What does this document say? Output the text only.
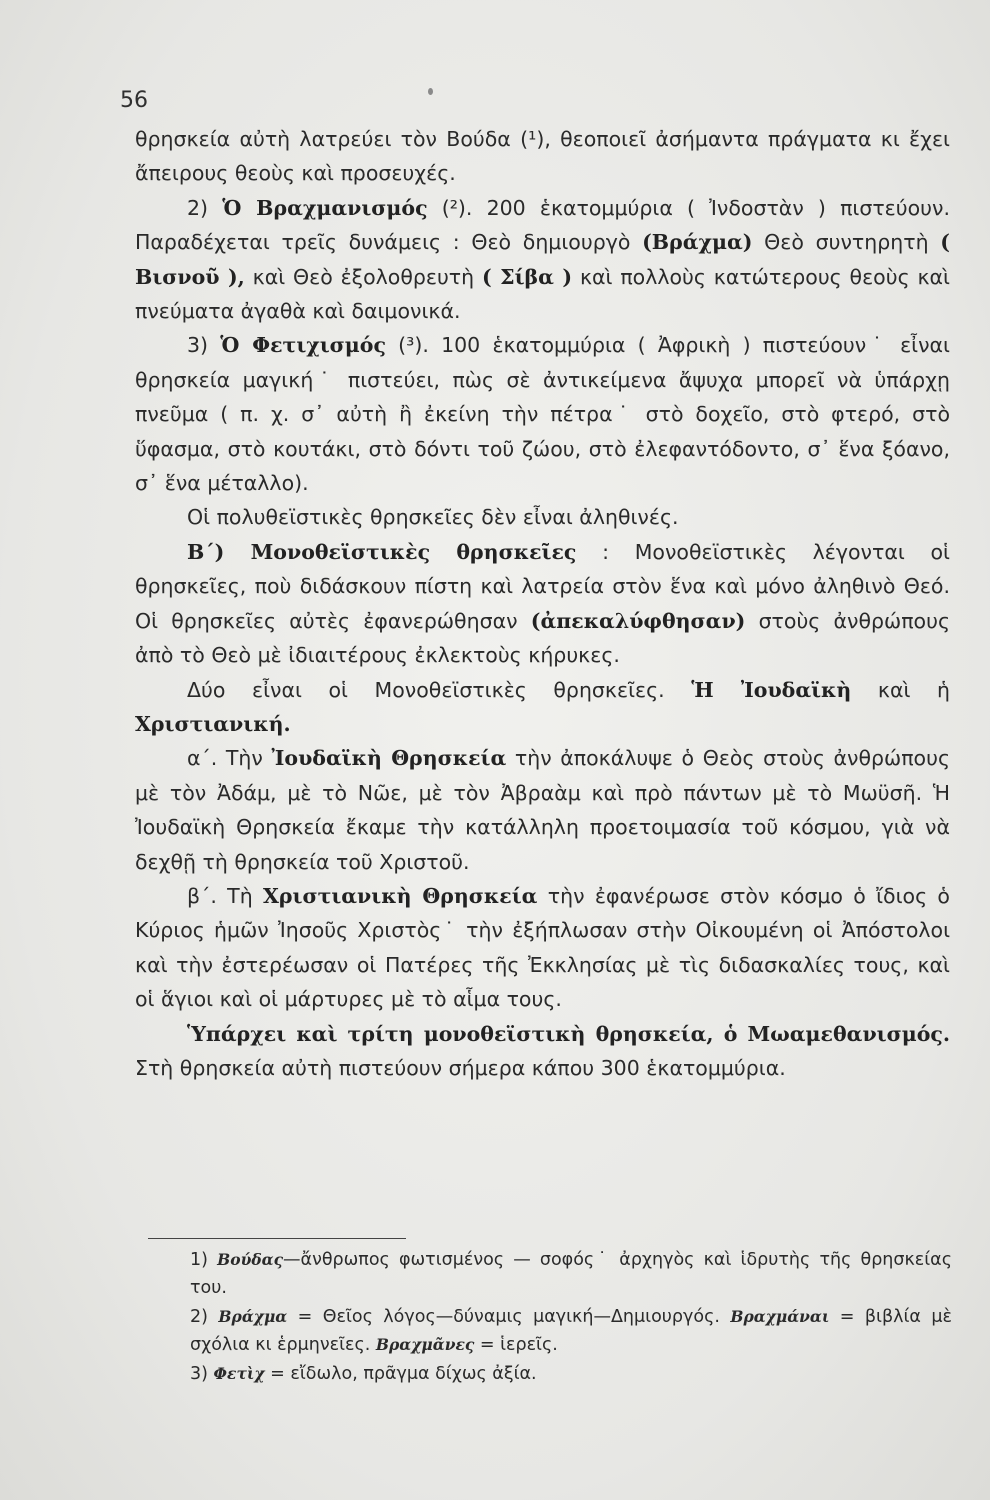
56

θρησκεία αὐτὴ λατρεύει τὸν Βούδα (¹), θεοποιεῖ ἀσήμαντα πράγματα κι ἔχει ἄπειρους θεοὺς καὶ προσευχές.

2) Ὁ Βραχμανισμός (²). 200 ἑκατομμύρια ( Ἰνδοστὰν ) πιστεύουν. Παραδέχεται τρεῖς δυνάμεις : Θεὸ δημιουργὸ (Βράχμα) Θεὸ συντηρητὴ ( Βισνοῦ ), καὶ Θεὸ ἐξολοθρευτὴ ( Σίβα ) καὶ πολλοὺς κατώτερους θεοὺς καὶ πνεύματα ἀγαθὰ καὶ δαιμονικά.

3) Ὁ Φετιχισμός (³). 100 ἑκατομμύρια ( Ἀφρικὴ ) πιστεύουν˙ εἶναι θρησκεία μαγική˙ πιστεύει, πὼς σὲ ἀντικείμενα ἄψυχα μπορεῖ νὰ ὑπάρχῃ πνεῦμα ( π. χ. σ᾽ αὐτὴ ἢ ἐκείνη τὴν πέτρα˙ στὸ δοχεῖο, στὸ φτερό, στὸ ὕφασμα, στὸ κουτάκι, στὸ δόντι τοῦ ζώου, στὸ ἐλεφαντόδοντο, σ᾽ ἕνα ξόανο, σ᾽ ἕνα μέταλλο).

Οἱ πολυθεϊστικὲς θρησκεῖες δὲν εἶναι ἀληθινές.

Β΄) Μονοθεϊστικὲς θρησκεῖες : Μονοθεϊστικὲς λέγονται οἱ θρησκεῖες, ποὺ διδάσκουν πίστη καὶ λατρεία στὸν ἕνα καὶ μόνο ἀληθινὸ Θεό. Οἱ θρησκεῖες αὐτὲς ἐφανερώθησαν (ἀπεκαλύφθησαν) στοὺς ἀνθρώπους ἀπὸ τὸ Θεὸ μὲ ἰδιαιτέρους ἐκλεκτοὺς κήρυκες.

Δύο εἶναι οἱ Μονοθεϊστικὲς θρησκεῖες. Ἡ Ἰουδαϊκὴ καὶ ἡ Χριστιανική.

α΄. Τὴν Ἰουδαϊκὴ Θρησκεία τὴν ἀποκάλυψε ὁ Θεὸς στοὺς ἀνθρώπους μὲ τὸν Ἀδάμ, μὲ τὸ Νῶε, μὲ τὸν Ἀβραὰμ καὶ πρὸ πάντων μὲ τὸ Μωϋσῆ. Ἡ Ἰουδαϊκὴ Θρησκεία ἔκαμε τὴν κατάλληλη προετοιμασία τοῦ κόσμου, γιὰ νὰ δεχθῇ τὴ θρησκεία τοῦ Χριστοῦ.

β΄. Τὴ Χριστιανικὴ Θρησκεία τὴν ἐφανέρωσε στὸν κόσμο ὁ ἴδιος ὁ Κύριος ἡμῶν Ἰησοῦς Χριστὸς˙ τὴν ἐξήπλωσαν στὴν Οἰκουμένη οἱ Ἀπόστολοι καὶ τὴν ἐστερέωσαν οἱ Πατέρες τῆς Ἐκκλησίας μὲ τὶς διδασκαλίες τους, καὶ οἱ ἅγιοι καὶ οἱ μάρτυρες μὲ τὸ αἷμα τους.

Ὑπάρχει καὶ τρίτη μονοθεϊστικὴ θρησκεία, ὁ Μωαμεθανισμός. Στὴ θρησκεία αὐτὴ πιστεύουν σήμερα κάπου 300 ἑκατομμύρια.

1) Βούδας—ἄνθρωπος φωτισμένος — σοφός˙ ἀρχηγὸς καὶ ἱδρυτὴς τῆς θρησκείας του.

2) Βράχμα = Θεῖος λόγος—δύναμις μαγική—Δημιουργός. Βραχμάναι = βιβλία μὲ σχόλια κι ἑρμηνεῖες. Βραχμᾶνες = ἱερεῖς.

3) Φετὶχ = εἴδωλο, πρᾶγμα δίχως ἀξία.
